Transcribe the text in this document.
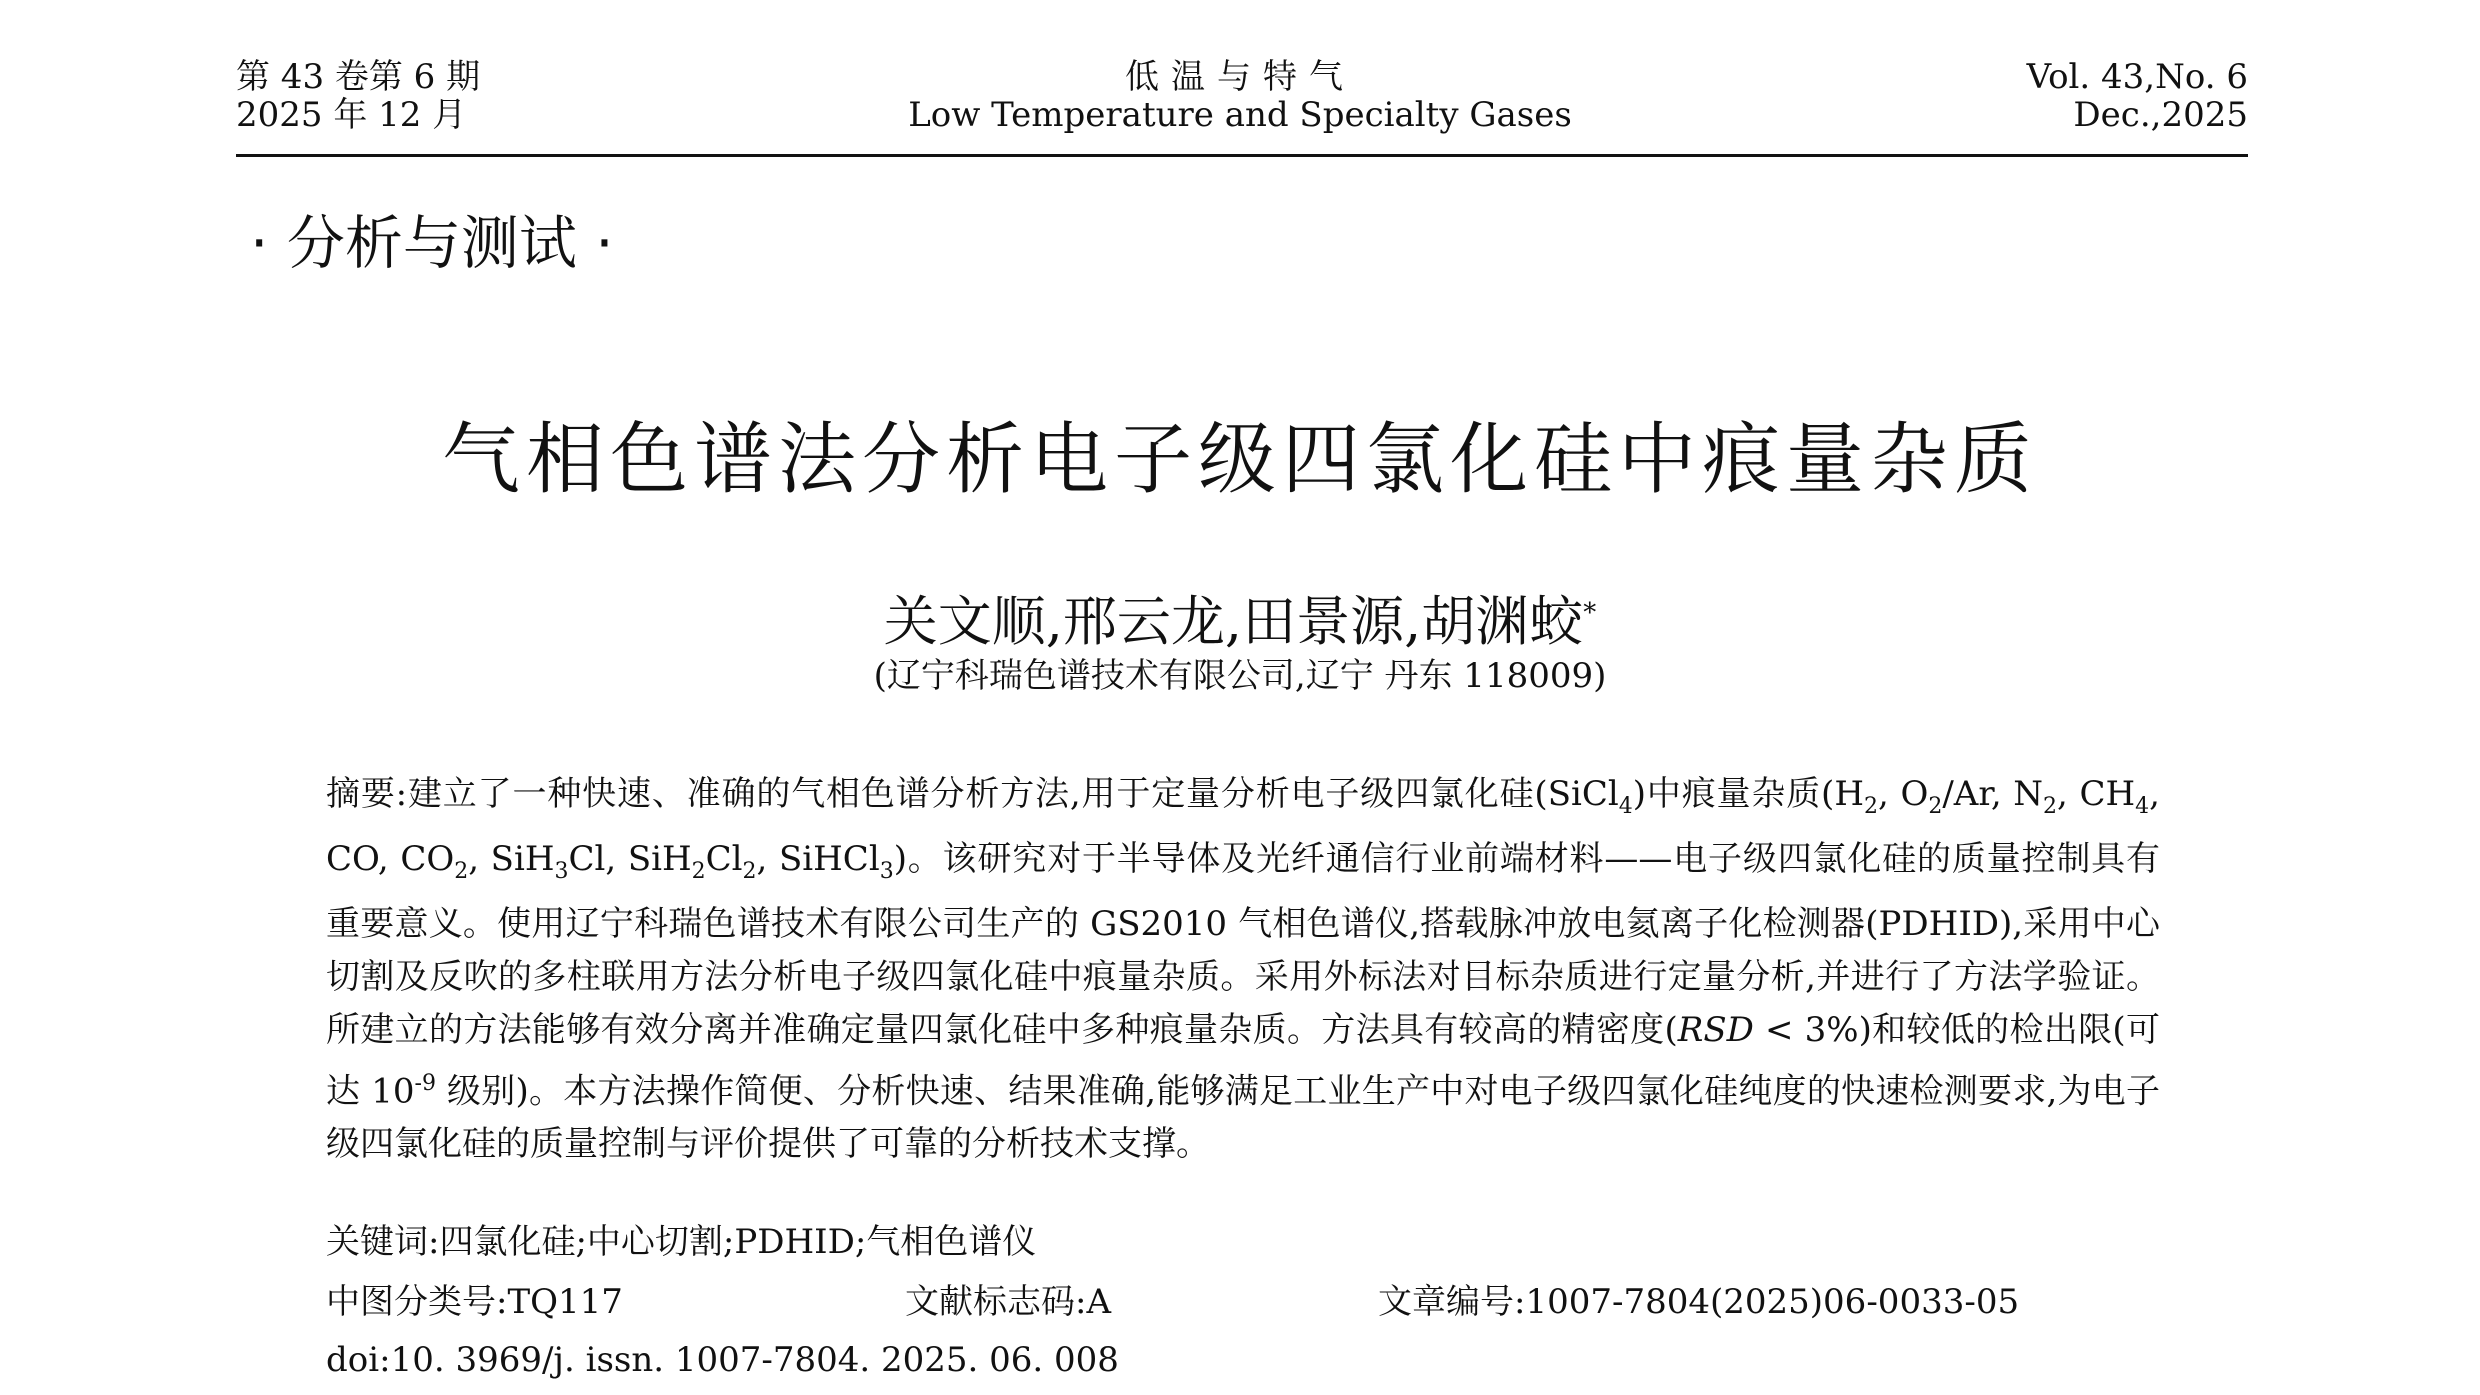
第 43 卷第 6 期
2025 年 12 月
低温与特气
Low Temperature and Specialty Gases
Vol. 43,No. 6
Dec.,2025
· 分析与测试 ·
气相色谱法分析电子级四氯化硅中痕量杂质
关文顺,邢云龙,田景源,胡渊蛟*
(辽宁科瑞色谱技术有限公司,辽宁 丹东 118009)
摘要:建立了一种快速、准确的气相色谱分析方法,用于定量分析电子级四氯化硅(SiCl$_4$)中痕量杂质($H_2$, $O_2/Ar$, $N_2$, $CH_4$, CO, $CO_2$, SiH$_3$Cl, $SiH_2Cl_2$, SiHCl$_3$)。该研究对于半导体及光纤通信行业前端材料——电子级四氯化硅的质量控制具有重要意义。使用辽宁科瑞色谱技术有限公司生产的 GS2010 气相色谱仪,搭载脉冲放电氦离子化检测器(PDHID),采用中心切割及反吹的多柱联用方法分析电子级四氯化硅中痕量杂质。采用外标法对目标杂质进行定量分析,并进行了方法学验证。所建立的方法能够有效分离并准确定量四氯化硅中多种痕量杂质。方法具有较高的精密度(RSD < 3%)和较低的检出限(可达 $10^{-9}$ 级别)。本方法操作简便、分析快速、结果准确,能够满足工业生产中对电子级四氯化硅纯度的快速检测要求,为电子级四氯化硅的质量控制与评价提供了可靠的分析技术支撑。
关键词:四氯化硅;中心切割;PDHID;气相色谱仪
中图分类号:TQ117	文献标志码:A	文章编号:1007-7804(2025)06-0033-05
doi:10. 3969/j. issn. 1007-7804. 2025. 06. 008
